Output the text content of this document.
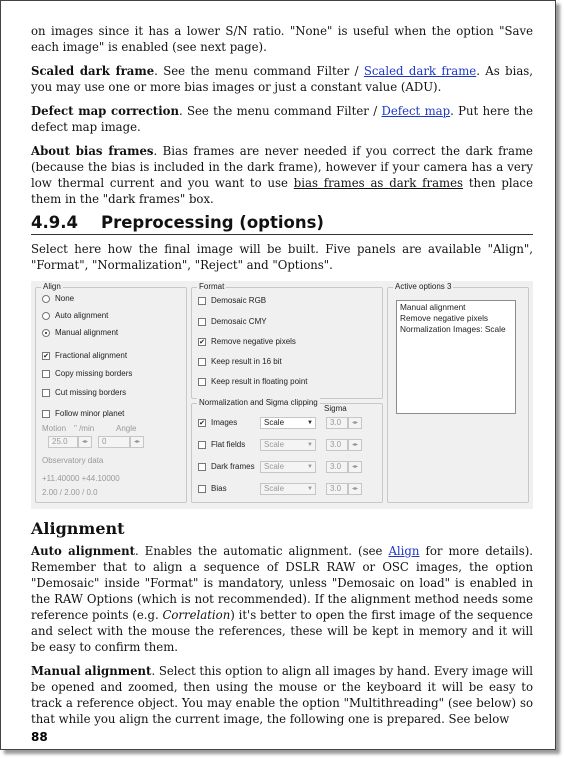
on images since it has a lower S/N ratio. "None" is useful when the option "Save each image" is enabled (see next page).

Scaled dark frame. See the menu command Filter / Scaled dark frame. As bias, you may use one or more bias images or just a constant value (ADU).

Defect map correction. See the menu command Filter / Defect map. Put here the defect map image.

About bias frames. Bias frames are never needed if you correct the dark frame (because the bias is included in the dark frame), however if your camera has a very low thermal current and you want to use bias frames as dark frames then place them in the "dark frames" box.

4.9.4 Preprocessing (options)

Select here how the final image will be built. Five panels are available "Align", "Format", "Normalization", "Reject" and "Options".

Align
None
Auto alignment
Manual alignment
✔ Fractional alignment
Copy missing borders
Cut missing borders
Follow minor planet
Motion " /min	Angle
25.0	◂▸	0	◂▸
Observatory data
+11.40000 +44.10000
2.00 / 2.00 / 0.0
Format
Demosaic RGB
Demosaic CMY
✔ Remove negative pixels
Keep result in 16 bit
Keep result in floating point
Normalization and Sigma clipping
Sigma
✔ Images	Scale	▼	3.0	◂▸
Flat fields	Scale	▼	3.0	◂▸
Dark frames	Scale	▼	3.0	◂▸
Bias	Scale	▼	3.0	◂▸
Active options 3
Manual alignment
Remove negative pixels
Normalization Images: Scale
Alignment

Auto alignment. Enables the automatic alignment. (see Align for more details). Remember that to align a sequence of DSLR RAW or OSC images, the option "Demosaic" inside "Format" is mandatory, unless "Demosaic on load" is enabled in the RAW Options (which is not recommended). If the alignment method needs some reference points (e.g. Correlation) it's better to open the first image of the sequence and select with the mouse the references, these will be kept in memory and it will be easy to confirm them.

Manual alignment. Select this option to align all images by hand. Every image will be opened and zoomed, then using the mouse or the keyboard it will be easy to track a reference object. You may enable the option "Multithreading" (see below) so that while you align the current image, the following one is prepared. See below

88
